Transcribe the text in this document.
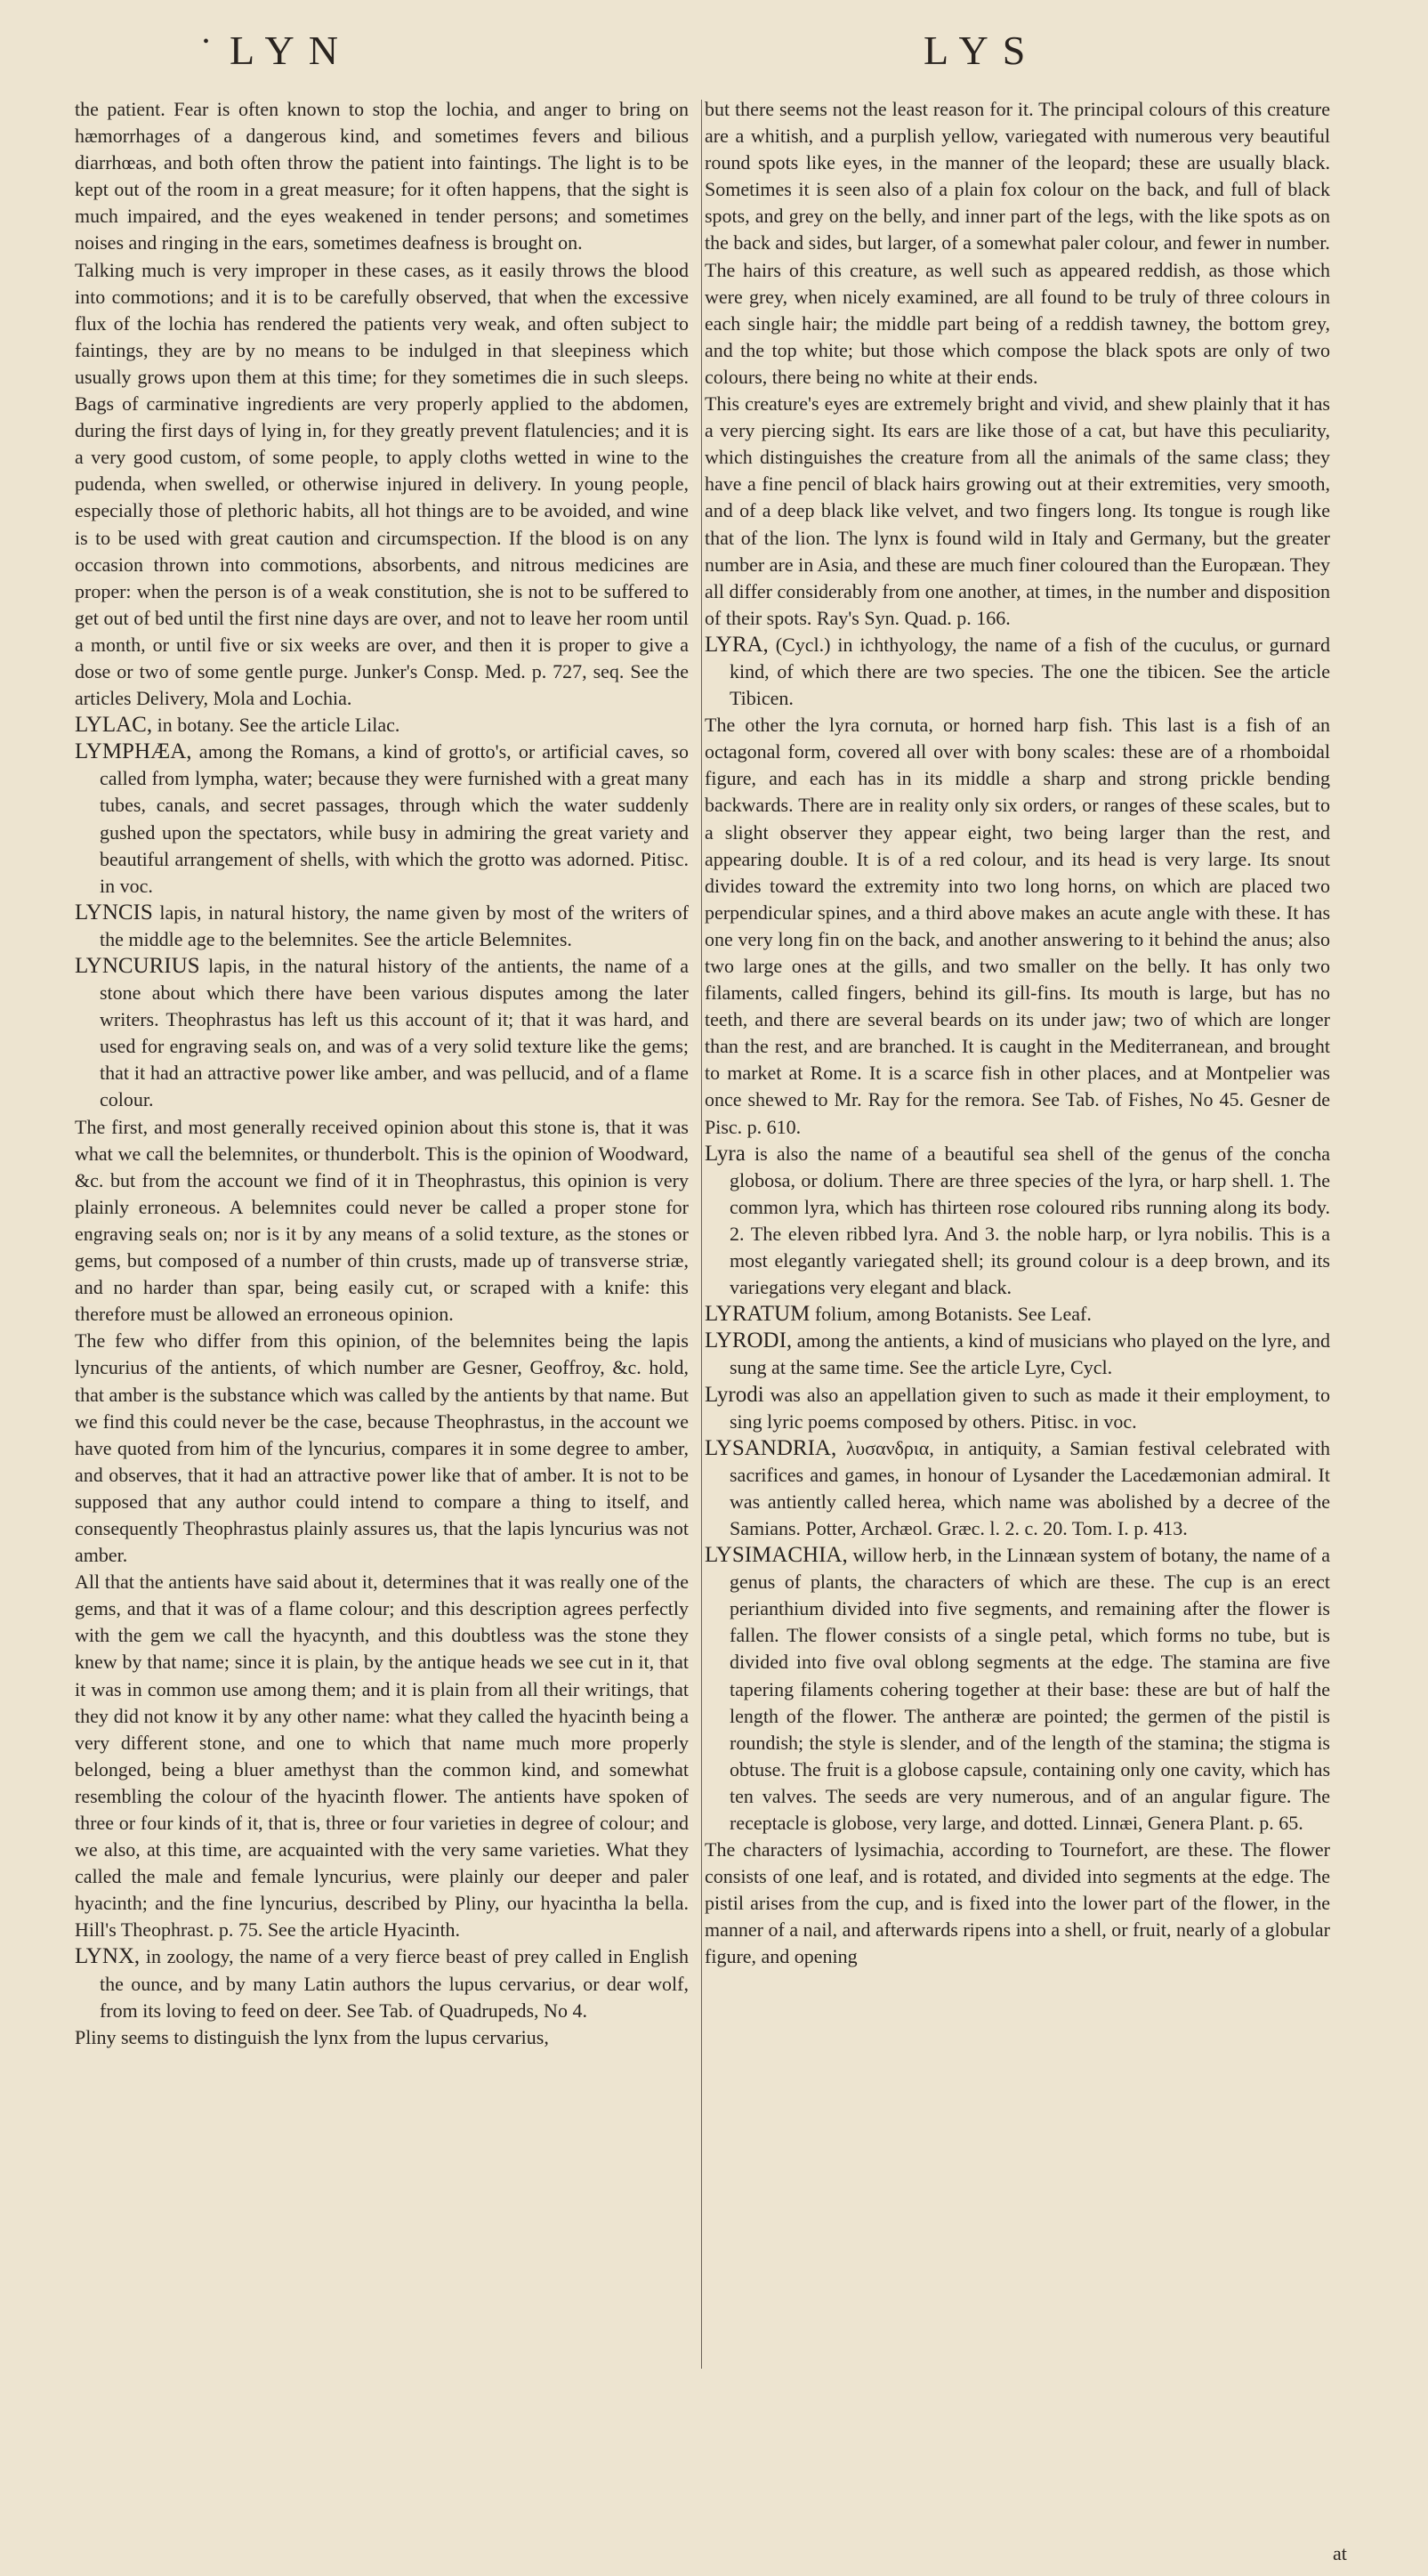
• LYN	LYS

the patient. Fear is often known to stop the lochia, and anger to bring on hæmorrhages of a dangerous kind, and sometimes fevers and bilious diarrhœas, and both often throw the patient into faintings. The light is to be kept out of the room in a great measure; for it often happens, that the sight is much impaired, and the eyes weakened in tender persons; and sometimes noises and ringing in the ears, sometimes deafness is brought on.

Talking much is very improper in these cases, as it easily throws the blood into commotions; and it is to be carefully observed, that when the excessive flux of the lochia has rendered the patients very weak, and often subject to faintings, they are by no means to be indulged in that sleepiness which usually grows upon them at this time; for they sometimes die in such sleeps. Bags of carminative ingredients are very properly applied to the abdomen, during the first days of lying in, for they greatly prevent flatulencies; and it is a very good custom, of some people, to apply cloths wetted in wine to the pudenda, when swelled, or otherwise injured in delivery. In young people, especially those of plethoric habits, all hot things are to be avoided, and wine is to be used with great caution and circumspection. If the blood is on any occasion thrown into commotions, absorbents, and nitrous medicines are proper: when the person is of a weak constitution, she is not to be suffered to get out of bed until the first nine days are over, and not to leave her room until a month, or until five or six weeks are over, and then it is proper to give a dose or two of some gentle purge. Junker's Consp. Med. p. 727, seq. See the articles Delivery, Mola and Lochia.

LYLAC, in botany. See the article Lilac.

LYMPHÆA, among the Romans, a kind of grotto's, or artificial caves, so called from lympha, water; because they were furnished with a great many tubes, canals, and secret passages, through which the water suddenly gushed upon the spectators, while busy in admiring the great variety and beautiful arrangement of shells, with which the grotto was adorned. Pitisc. in voc.

LYNCIS lapis, in natural history, the name given by most of the writers of the middle age to the belemnites. See the article Belemnites.

LYNCURIUS lapis, in the natural history of the antients, the name of a stone about which there have been various disputes among the later writers. Theophrastus has left us this account of it; that it was hard, and used for engraving seals on, and was of a very solid texture like the gems; that it had an attractive power like amber, and was pellucid, and of a flame colour.

The first, and most generally received opinion about this stone is, that it was what we call the belemnites, or thunderbolt. This is the opinion of Woodward, &c. but from the account we find of it in Theophrastus, this opinion is very plainly erroneous. A belemnites could never be called a proper stone for engraving seals on; nor is it by any means of a solid texture, as the stones or gems, but composed of a number of thin crusts, made up of transverse striæ, and no harder than spar, being easily cut, or scraped with a knife: this therefore must be allowed an erroneous opinion.

The few who differ from this opinion, of the belemnites being the lapis lyncurius of the antients, of which number are Gesner, Geoffroy, &c. hold, that amber is the substance which was called by the antients by that name. But we find this could never be the case, because Theophrastus, in the account we have quoted from him of the lyncurius, compares it in some degree to amber, and observes, that it had an attractive power like that of amber. It is not to be supposed that any author could intend to compare a thing to itself, and consequently Theophrastus plainly assures us, that the lapis lyncurius was not amber.

All that the antients have said about it, determines that it was really one of the gems, and that it was of a flame colour; and this description agrees perfectly with the gem we call the hyacynth, and this doubtless was the stone they knew by that name; since it is plain, by the antique heads we see cut in it, that it was in common use among them; and it is plain from all their writings, that they did not know it by any other name: what they called the hyacinth being a very different stone, and one to which that name much more properly belonged, being a bluer amethyst than the common kind, and somewhat resembling the colour of the hyacinth flower. The antients have spoken of three or four kinds of it, that is, three or four varieties in degree of colour; and we also, at this time, are acquainted with the very same varieties. What they called the male and female lyncurius, were plainly our deeper and paler hyacinth; and the fine lyncurius, described by Pliny, our hyacintha la bella. Hill's Theophrast. p. 75. See the article Hyacinth.

LYNX, in zoology, the name of a very fierce beast of prey called in English the ounce, and by many Latin authors the lupus cervarius, or dear wolf, from its loving to feed on deer. See Tab. of Quadrupeds, No 4.

Pliny seems to distinguish the lynx from the lupus cervarius,

but there seems not the least reason for it. The principal colours of this creature are a whitish, and a purplish yellow, variegated with numerous very beautiful round spots like eyes, in the manner of the leopard; these are usually black. Sometimes it is seen also of a plain fox colour on the back, and full of black spots, and grey on the belly, and inner part of the legs, with the like spots as on the back and sides, but larger, of a somewhat paler colour, and fewer in number.

The hairs of this creature, as well such as appeared reddish, as those which were grey, when nicely examined, are all found to be truly of three colours in each single hair; the middle part being of a reddish tawney, the bottom grey, and the top white; but those which compose the black spots are only of two colours, there being no white at their ends.

This creature's eyes are extremely bright and vivid, and shew plainly that it has a very piercing sight. Its ears are like those of a cat, but have this peculiarity, which distinguishes the creature from all the animals of the same class; they have a fine pencil of black hairs growing out at their extremities, very smooth, and of a deep black like velvet, and two fingers long. Its tongue is rough like that of the lion. The lynx is found wild in Italy and Germany, but the greater number are in Asia, and these are much finer coloured than the Europæan. They all differ considerably from one another, at times, in the number and disposition of their spots. Ray's Syn. Quad. p. 166.

LYRA, (Cycl.) in ichthyology, the name of a fish of the cuculus, or gurnard kind, of which there are two species. The one the tibicen. See the article Tibicen.

The other the lyra cornuta, or horned harp fish. This last is a fish of an octagonal form, covered all over with bony scales: these are of a rhomboidal figure, and each has in its middle a sharp and strong prickle bending backwards. There are in reality only six orders, or ranges of these scales, but to a slight observer they appear eight, two being larger than the rest, and appearing double. It is of a red colour, and its head is very large. Its snout divides toward the extremity into two long horns, on which are placed two perpendicular spines, and a third above makes an acute angle with these. It has one very long fin on the back, and another answering to it behind the anus; also two large ones at the gills, and two smaller on the belly. It has only two filaments, called fingers, behind its gill-fins. Its mouth is large, but has no teeth, and there are several beards on its under jaw; two of which are longer than the rest, and are branched. It is caught in the Mediterranean, and brought to market at Rome. It is a scarce fish in other places, and at Montpelier was once shewed to Mr. Ray for the remora. See Tab. of Fishes, No 45. Gesner de Pisc. p. 610.

Lyra is also the name of a beautiful sea shell of the genus of the concha globosa, or dolium. There are three species of the lyra, or harp shell. 1. The common lyra, which has thirteen rose coloured ribs running along its body. 2. The eleven ribbed lyra. And 3. the noble harp, or lyra nobilis. This is a most elegantly variegated shell; its ground colour is a deep brown, and its variegations very elegant and black.

LYRATUM folium, among Botanists. See Leaf.

LYRODI, among the antients, a kind of musicians who played on the lyre, and sung at the same time. See the article Lyre, Cycl.

Lyrodi was also an appellation given to such as made it their employment, to sing lyric poems composed by others. Pitisc. in voc.

LYSANDRIA, λυσανδρια, in antiquity, a Samian festival celebrated with sacrifices and games, in honour of Lysander the Lacedæmonian admiral. It was antiently called herea, which name was abolished by a decree of the Samians. Potter, Archæol. Græc. l. 2. c. 20. Tom. I. p. 413.

LYSIMACHIA, willow herb, in the Linnæan system of botany, the name of a genus of plants, the characters of which are these. The cup is an erect perianthium divided into five segments, and remaining after the flower is fallen. The flower consists of a single petal, which forms no tube, but is divided into five oval oblong segments at the edge. The stamina are five tapering filaments cohering together at their base: these are but of half the length of the flower. The antheræ are pointed; the germen of the pistil is roundish; the style is slender, and of the length of the stamina; the stigma is obtuse. The fruit is a globose capsule, containing only one cavity, which has ten valves. The seeds are very numerous, and of an angular figure. The receptacle is globose, very large, and dotted. Linnæi, Genera Plant. p. 65.

The characters of lysimachia, according to Tournefort, are these. The flower consists of one leaf, and is rotated, and divided into segments at the edge. The pistil arises from the cup, and is fixed into the lower part of the flower, in the manner of a nail, and afterwards ripens into a shell, or fruit, nearly of a globular figure, and opening

at
